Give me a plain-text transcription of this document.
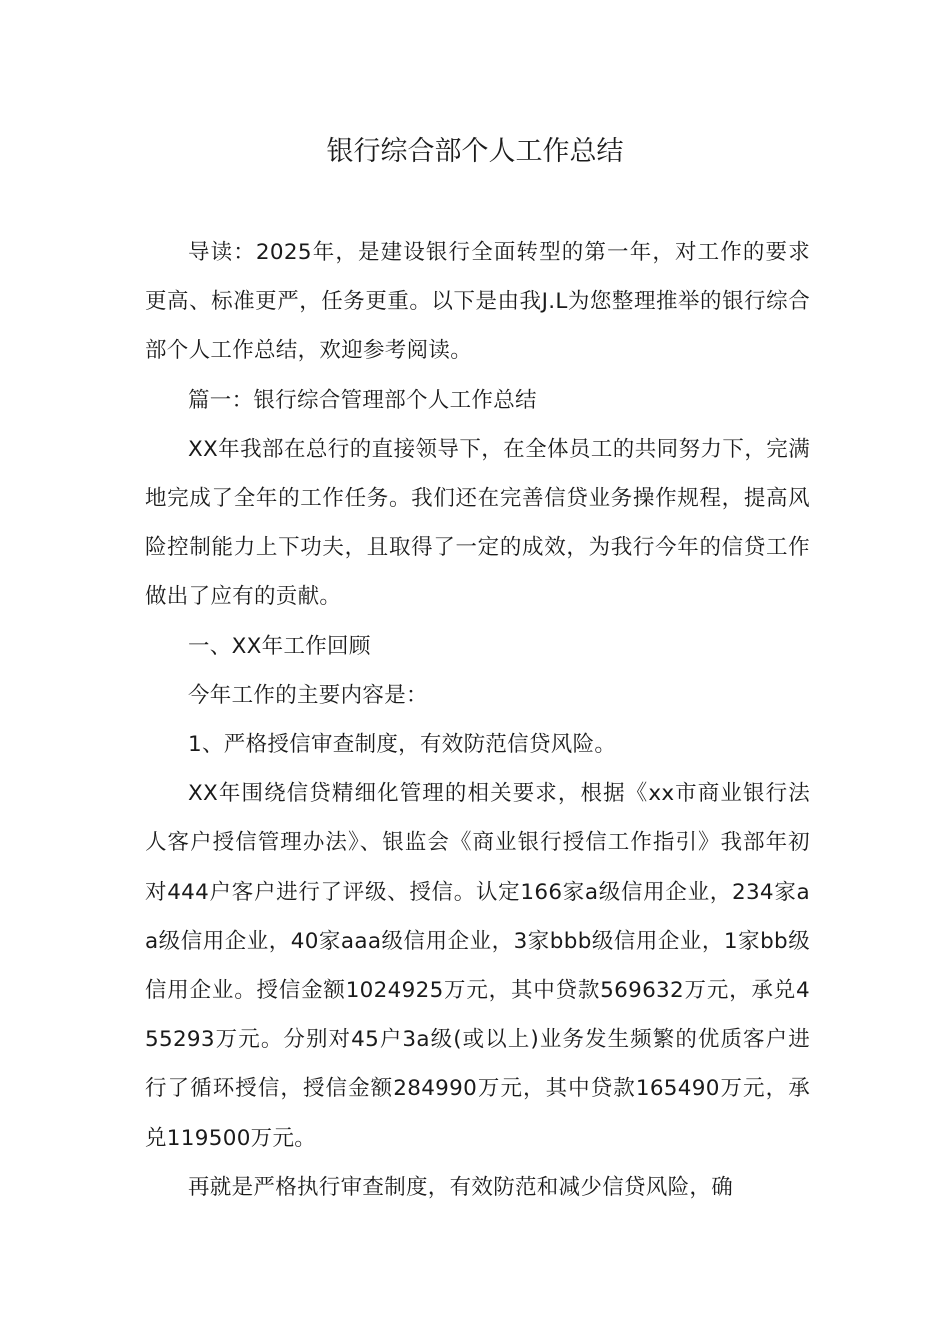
银行综合部个人工作总结

导读：2025年，是建设银行全面转型的第一年，对工作的要求更高、标准更严，任务更重。以下是由我J.L为您整理推举的银行综合部个人工作总结，欢迎参考阅读。

篇一：银行综合管理部个人工作总结

XX年我部在总行的直接领导下，在全体员工的共同努力下，完满地完成了全年的工作任务。我们还在完善信贷业务操作规程，提高风险控制能力上下功夫，且取得了一定的成效，为我行今年的信贷工作做出了应有的贡献。

一、XX年工作回顾

今年工作的主要内容是：

1、严格授信审查制度，有效防范信贷风险。

XX年围绕信贷精细化管理的相关要求，根据《xx市商业银行法人客户授信管理办法》、银监会《商业银行授信工作指引》我部年初对444户客户进行了评级、授信。认定166家a级信用企业，234家aa级信用企业，40家aaa级信用企业，3家bbb级信用企业，1家bb级信用企业。授信金额1024925万元，其中贷款569632万元，承兑455293万元。分别对45户3a级(或以上)业务发生频繁的优质客户进行了循环授信，授信金额284990万元，其中贷款165490万元，承兑119500万元。

再就是严格执行审查制度，有效防范和减少信贷风险，确
